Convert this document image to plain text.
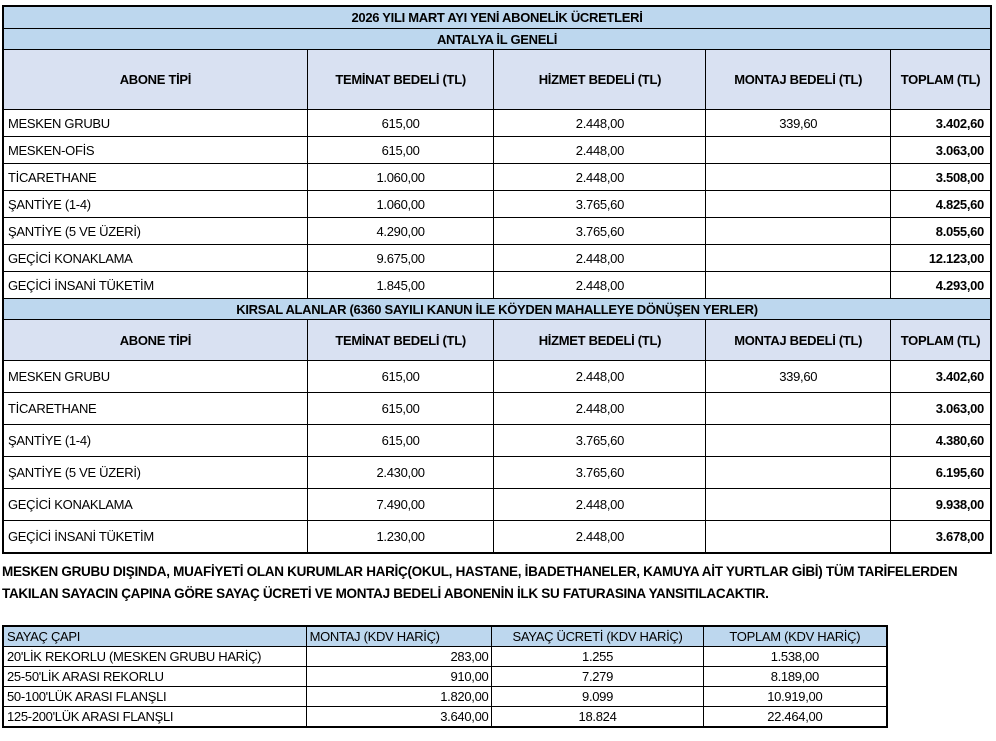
2026 YILI MART AYI YENİ ABONELİK ÜCRETLERİ				
ANTALYA İL GENELİ				
ABONE TİPİ	TEMİNAT BEDELİ (TL)	HİZMET BEDELİ (TL)	MONTAJ BEDELİ (TL)	TOPLAM (TL)
MESKEN GRUBU	615,00	2.448,00	339,60	3.402,60
MESKEN-OFİS	615,00	2.448,00		3.063,00
TİCARETHANE	1.060,00	2.448,00		3.508,00
ŞANTİYE (1-4)	1.060,00	3.765,60		4.825,60
ŞANTİYE (5 VE ÜZERİ)	4.290,00	3.765,60		8.055,60
GEÇİCİ KONAKLAMA	9.675,00	2.448,00		12.123,00
GEÇİCİ İNSANİ TÜKETİM	1.845,00	2.448,00		4.293,00
KIRSAL ALANLAR (6360 SAYILI KANUN İLE KÖYDEN MAHALLEYE DÖNÜŞEN YERLER)				
ABONE TİPİ	TEMİNAT BEDELİ (TL)	HİZMET BEDELİ (TL)	MONTAJ BEDELİ (TL)	TOPLAM (TL)
MESKEN GRUBU	615,00	2.448,00	339,60	3.402,60
TİCARETHANE	615,00	2.448,00		3.063,00
ŞANTİYE (1-4)	615,00	3.765,60		4.380,60
ŞANTİYE (5 VE ÜZERİ)	2.430,00	3.765,60		6.195,60
GEÇİCİ KONAKLAMA	7.490,00	2.448,00		9.938,00
GEÇİCİ İNSANİ TÜKETİM	1.230,00	2.448,00		3.678,00
MESKEN GRUBU DIŞINDA, MUAFİYETİ OLAN KURUMLAR HARİÇ(OKUL, HASTANE, İBADETHANELER, KAMUYA AİT YURTLAR GİBİ) TÜM TARİFELERDEN TAKILAN SAYACIN ÇAPINA GÖRE SAYAÇ ÜCRETİ VE MONTAJ BEDELİ ABONENİN İLK SU FATURASINA YANSITILACAKTIR.
SAYAÇ ÇAPI	MONTAJ (KDV HARİÇ)	SAYAÇ ÜCRETİ (KDV HARİÇ)	TOPLAM (KDV HARİÇ)
20'LİK REKORLU (MESKEN GRUBU HARİÇ)	283,00	1.255	1.538,00
25-50'LİK ARASI REKORLU	910,00	7.279	8.189,00
50-100'LÜK ARASI FLANŞLI	1.820,00	9.099	10.919,00
125-200'LÜK ARASI FLANŞLI	3.640,00	18.824	22.464,00
